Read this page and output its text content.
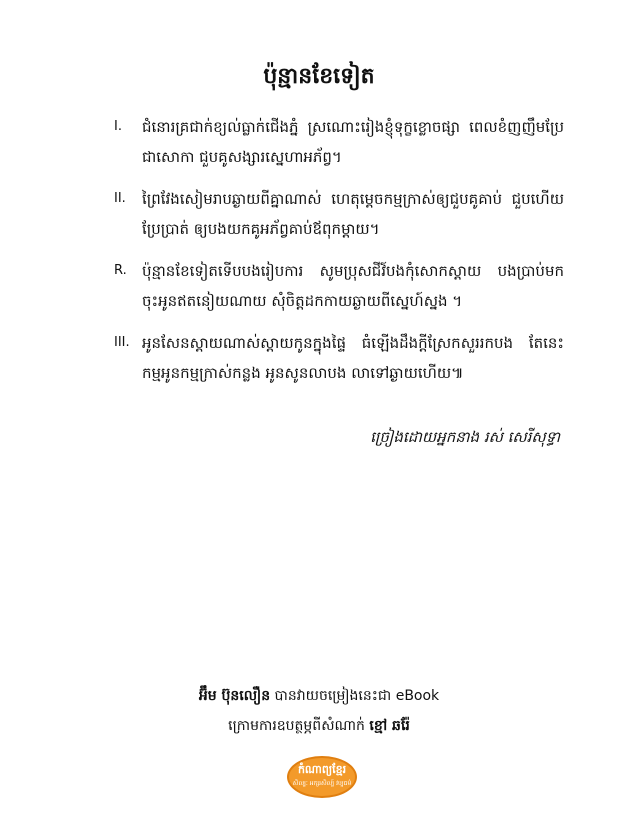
ប៉ុន្មានខែទៀត
I.	ជំនោរគ្រជាក់ខ្យល់ធ្លាក់ជើងភ្នំ ស្រណោះរៀងខ្ញុំទុក្ខខ្លោចផ្សា ពេលខំញញឹមប្រែជាសោកា ជួបគូសង្សារស្នេហាអភ័ព្វ។
II.	ព្រៃវែងសៀមរាបឆ្ងាយពីគ្នាណាស់ ហេតុម្តេចកម្មក្រាស់ឲ្យជួបគូគាប់ ជួបហើយប្រែប្រាត់ ឲ្យបងយកគូអភ័ព្វគាប់ឪពុកម្តាយ។
R.	ប៉ុន្មានខែទៀតទើបបងរៀបការ សូមប្រុសជីវ៍បងកុំសោកស្តាយ បងប្រាប់មកចុះអូនឥតនៀយណាយ សុំចិត្តដកកាយឆ្ងាយពីស្នេហ៍ស្នង ។
III. អូនសែនស្តាយណាស់ស្តាយកូនក្នុងផ្ទៃ ធំឡើងដឹងក្តីស្រែកសួររកបង តែនេះកម្មអូនកម្មក្រាស់កន្លង អូនសូនលាបង លាទៅឆ្ងាយហើយ៕
ច្រៀងដោយអ្នកនាង រស់ សេរីសុទ្ធា
អ៊ឹម ប៊ុនលឿន បានវាយចម្រៀងនេះជា eBook
ក្រោមការឧបត្ថម្ភពីសំណាក់ ខ្មៅ ឆរ៉ែ
កំណាព្យខ្មែរ
សិល្បៈ អក្សរសិល្ប៍ វប្បធម៌
